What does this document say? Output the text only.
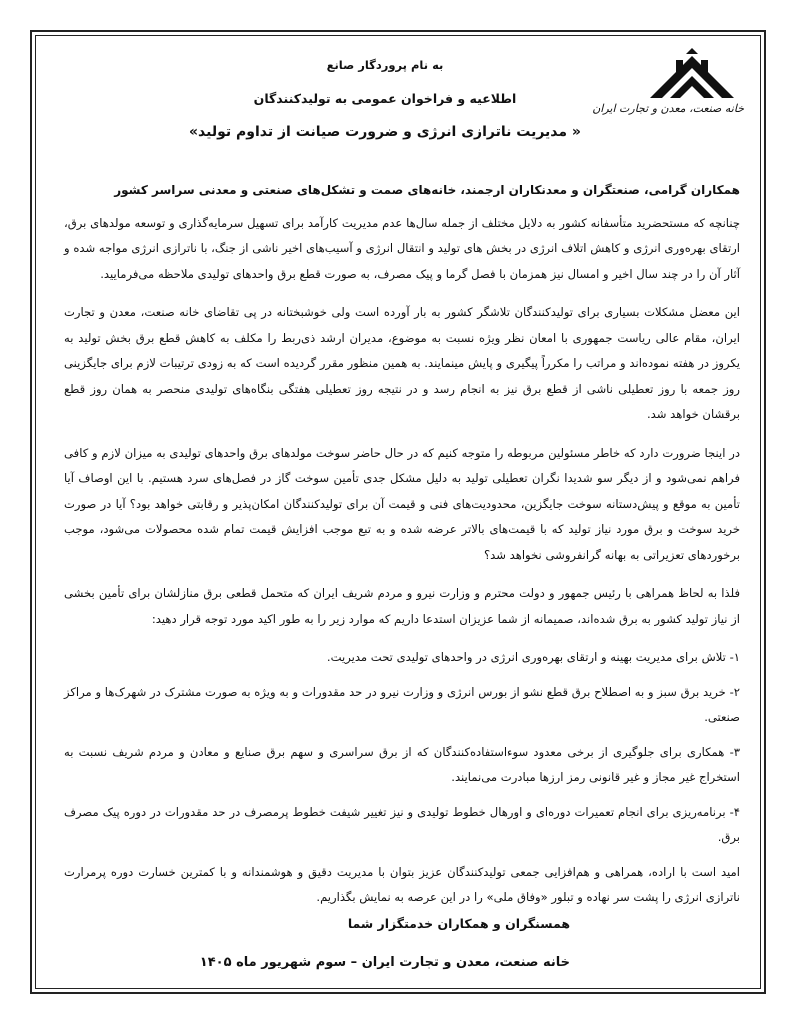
خانه صنعت، معدن و تجارت ایران
به نام پروردگار صانع
اطلاعیه و فراخوان عمومی به تولیدکنندگان
« مدیریت ناترازی انرژی و ضرورت صیانت از تداوم تولید»

همکاران گرامی، صنعتگران و معدنکاران ارجمند، خانه‌های صمت و تشکل‌های صنعتی و معدنی سراسر کشور

چنانچه که مستحضرید متأسفانه کشور به دلایل مختلف از جمله سال‌ها عدم مدیریت کارآمد برای تسهیل سرمایه‌گذاری و توسعه مولدهای برق، ارتقای بهره‌وری انرژی و کاهش اتلاف انرژی در بخش های تولید و انتقال انرژی و آسیب‌های اخیر ناشی از جنگ، با ناترازی انرژی مواجه شده و آثار آن را در چند سال اخیر و امسال نیز همزمان با فصل گرما و پیک مصرف، به صورت قطع برق واحدهای تولیدی ملاحظه می‌فرمایید.

این معضل مشکلات بسیاری برای تولیدکنندگان تلاشگر کشور به بار آورده است ولی خوشبختانه در پی تقاضای خانه صنعت، معدن و تجارت ایران، مقام عالی ریاست جمهوری با امعان نظر ویژه نسبت به موضوع، مدیران ارشد ذی‌ربط را مکلف به کاهش قطع برق بخش تولید به یکروز در هفته نموده‌اند و مراتب را مکرراً پیگیری و پایش مینمایند. به همین منظور مقرر گردیده است که به زودی ترتیبات لازم برای جایگزینی روز جمعه با روز تعطیلی ناشی از قطع برق نیز به انجام رسد و در نتیجه روز تعطیلی هفتگی بنگاه‌های تولیدی منحصر به همان روز قطع برقشان خواهد شد.

در اینجا ضرورت دارد که خاطر مسئولین مربوطه را متوجه کنیم که در حال حاضر سوخت مولدهای برق واحدهای تولیدی به میزان لازم و کافی فراهم نمی‌شود و از دیگر سو شدیدا نگران تعطیلی تولید به دلیل مشکل جدی تأمین سوخت گاز در فصل‌های سرد هستیم. با این اوصاف آیا تأمین به موقع و پیش‌دستانه سوخت جایگزین، محدودیت‌های فنی و قیمت آن برای تولیدکنندگان امکان‌پذیر و رقابتی خواهد بود؟ آیا در صورت خرید سوخت و برق مورد نیاز تولید که با قیمت‌های بالاتر عرضه شده و به تبع موجب افزایش قیمت تمام شده محصولات می‌شود، موجب برخوردهای تعزیراتی به بهانه گرانفروشی نخواهد شد؟

فلذا به لحاظ همراهی با رئیس جمهور و دولت محترم و وزارت نیرو و مردم شریف ایران که متحمل قطعی برق منازلشان برای تأمین بخشی از نیاز تولید کشور به برق شده‌اند، صمیمانه از شما عزیزان استدعا داریم که موارد زیر را به طور اکید مورد توجه قرار دهید:

۱- تلاش برای مدیریت بهینه و ارتقای بهره‌وری انرژی در واحدهای تولیدی تحت مدیریت.

۲- خرید برق سبز و به اصطلاح برق قطع نشو از بورس انرژی و وزارت نیرو در حد مقدورات و به ویژه به صورت مشترک در شهرک‌ها و مراکز صنعتی.

۳- همکاری برای جلوگیری از برخی معدود سوءاستفاده‌کنندگان که از برق سراسری و سهم برق صنایع و معادن و مردم شریف نسبت به استخراج غیر مجاز و غیر قانونی رمز ارزها مبادرت می‌نمایند.

۴- برنامه‌ریزی برای انجام تعمیرات دوره‌ای و اورهال خطوط تولیدی و نیز تغییر شیفت خطوط پرمصرف در حد مقدورات در دوره پیک مصرف برق.

امید است با اراده، همراهی و هم‌افزایی جمعی تولیدکنندگان عزیز بتوان با مدیریت دقیق و هوشمندانه و با کمترین خسارت دوره پرمرارت ناترازی انرژی را پشت سر نهاده و تبلور «وفاق ملی» را در این عرصه به نمایش بگذاریم.

همسنگران و همکاران خدمتگزار شما
خانه صنعت، معدن و تجارت ایران – سوم شهریور ماه ۱۴۰۵
